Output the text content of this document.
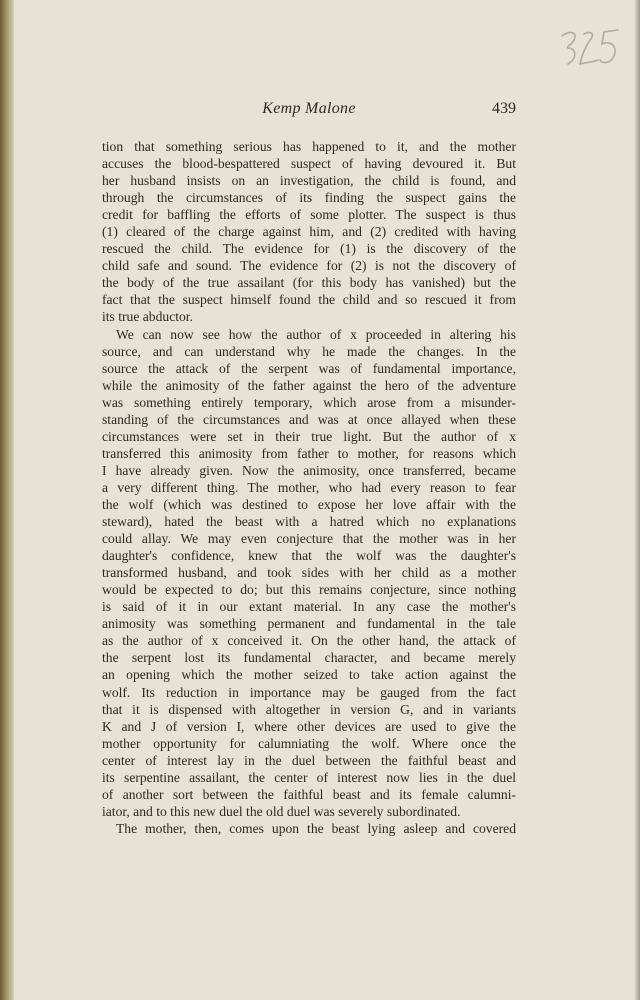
Kemp Malone	439
tion that something serious has happened to it, and the mother
accuses the blood-bespattered suspect of having devoured it. But
her husband insists on an investigation, the child is found, and
through the circumstances of its finding the suspect gains the
credit for baffling the efforts of some plotter. The suspect is thus
(1) cleared of the charge against him, and (2) credited with having
rescued the child. The evidence for (1) is the discovery of the
child safe and sound. The evidence for (2) is not the discovery of
the body of the true assailant (for this body has vanished) but the
fact that the suspect himself found the child and so rescued it from
its true abductor.
We can now see how the author of x proceeded in altering his
source, and can understand why he made the changes. In the
source the attack of the serpent was of fundamental importance,
while the animosity of the father against the hero of the adventure
was something entirely temporary, which arose from a misunder-
standing of the circumstances and was at once allayed when these
circumstances were set in their true light. But the author of x
transferred this animosity from father to mother, for reasons which
I have already given. Now the animosity, once transferred, became
a very different thing. The mother, who had every reason to fear
the wolf (which was destined to expose her love affair with the
steward), hated the beast with a hatred which no explanations
could allay. We may even conjecture that the mother was in her
daughter's confidence, knew that the wolf was the daughter's
transformed husband, and took sides with her child as a mother
would be expected to do; but this remains conjecture, since nothing
is said of it in our extant material. In any case the mother's
animosity was something permanent and fundamental in the tale
as the author of x conceived it. On the other hand, the attack of
the serpent lost its fundamental character, and became merely
an opening which the mother seized to take action against the
wolf. Its reduction in importance may be gauged from the fact
that it is dispensed with altogether in version G, and in variants
K and J of version I, where other devices are used to give the
mother opportunity for calumniating the wolf. Where once the
center of interest lay in the duel between the faithful beast and
its serpentine assailant, the center of interest now lies in the duel
of another sort between the faithful beast and its female calumni-
iator, and to this new duel the old duel was severely subordinated.
The mother, then, comes upon the beast lying asleep and covered
